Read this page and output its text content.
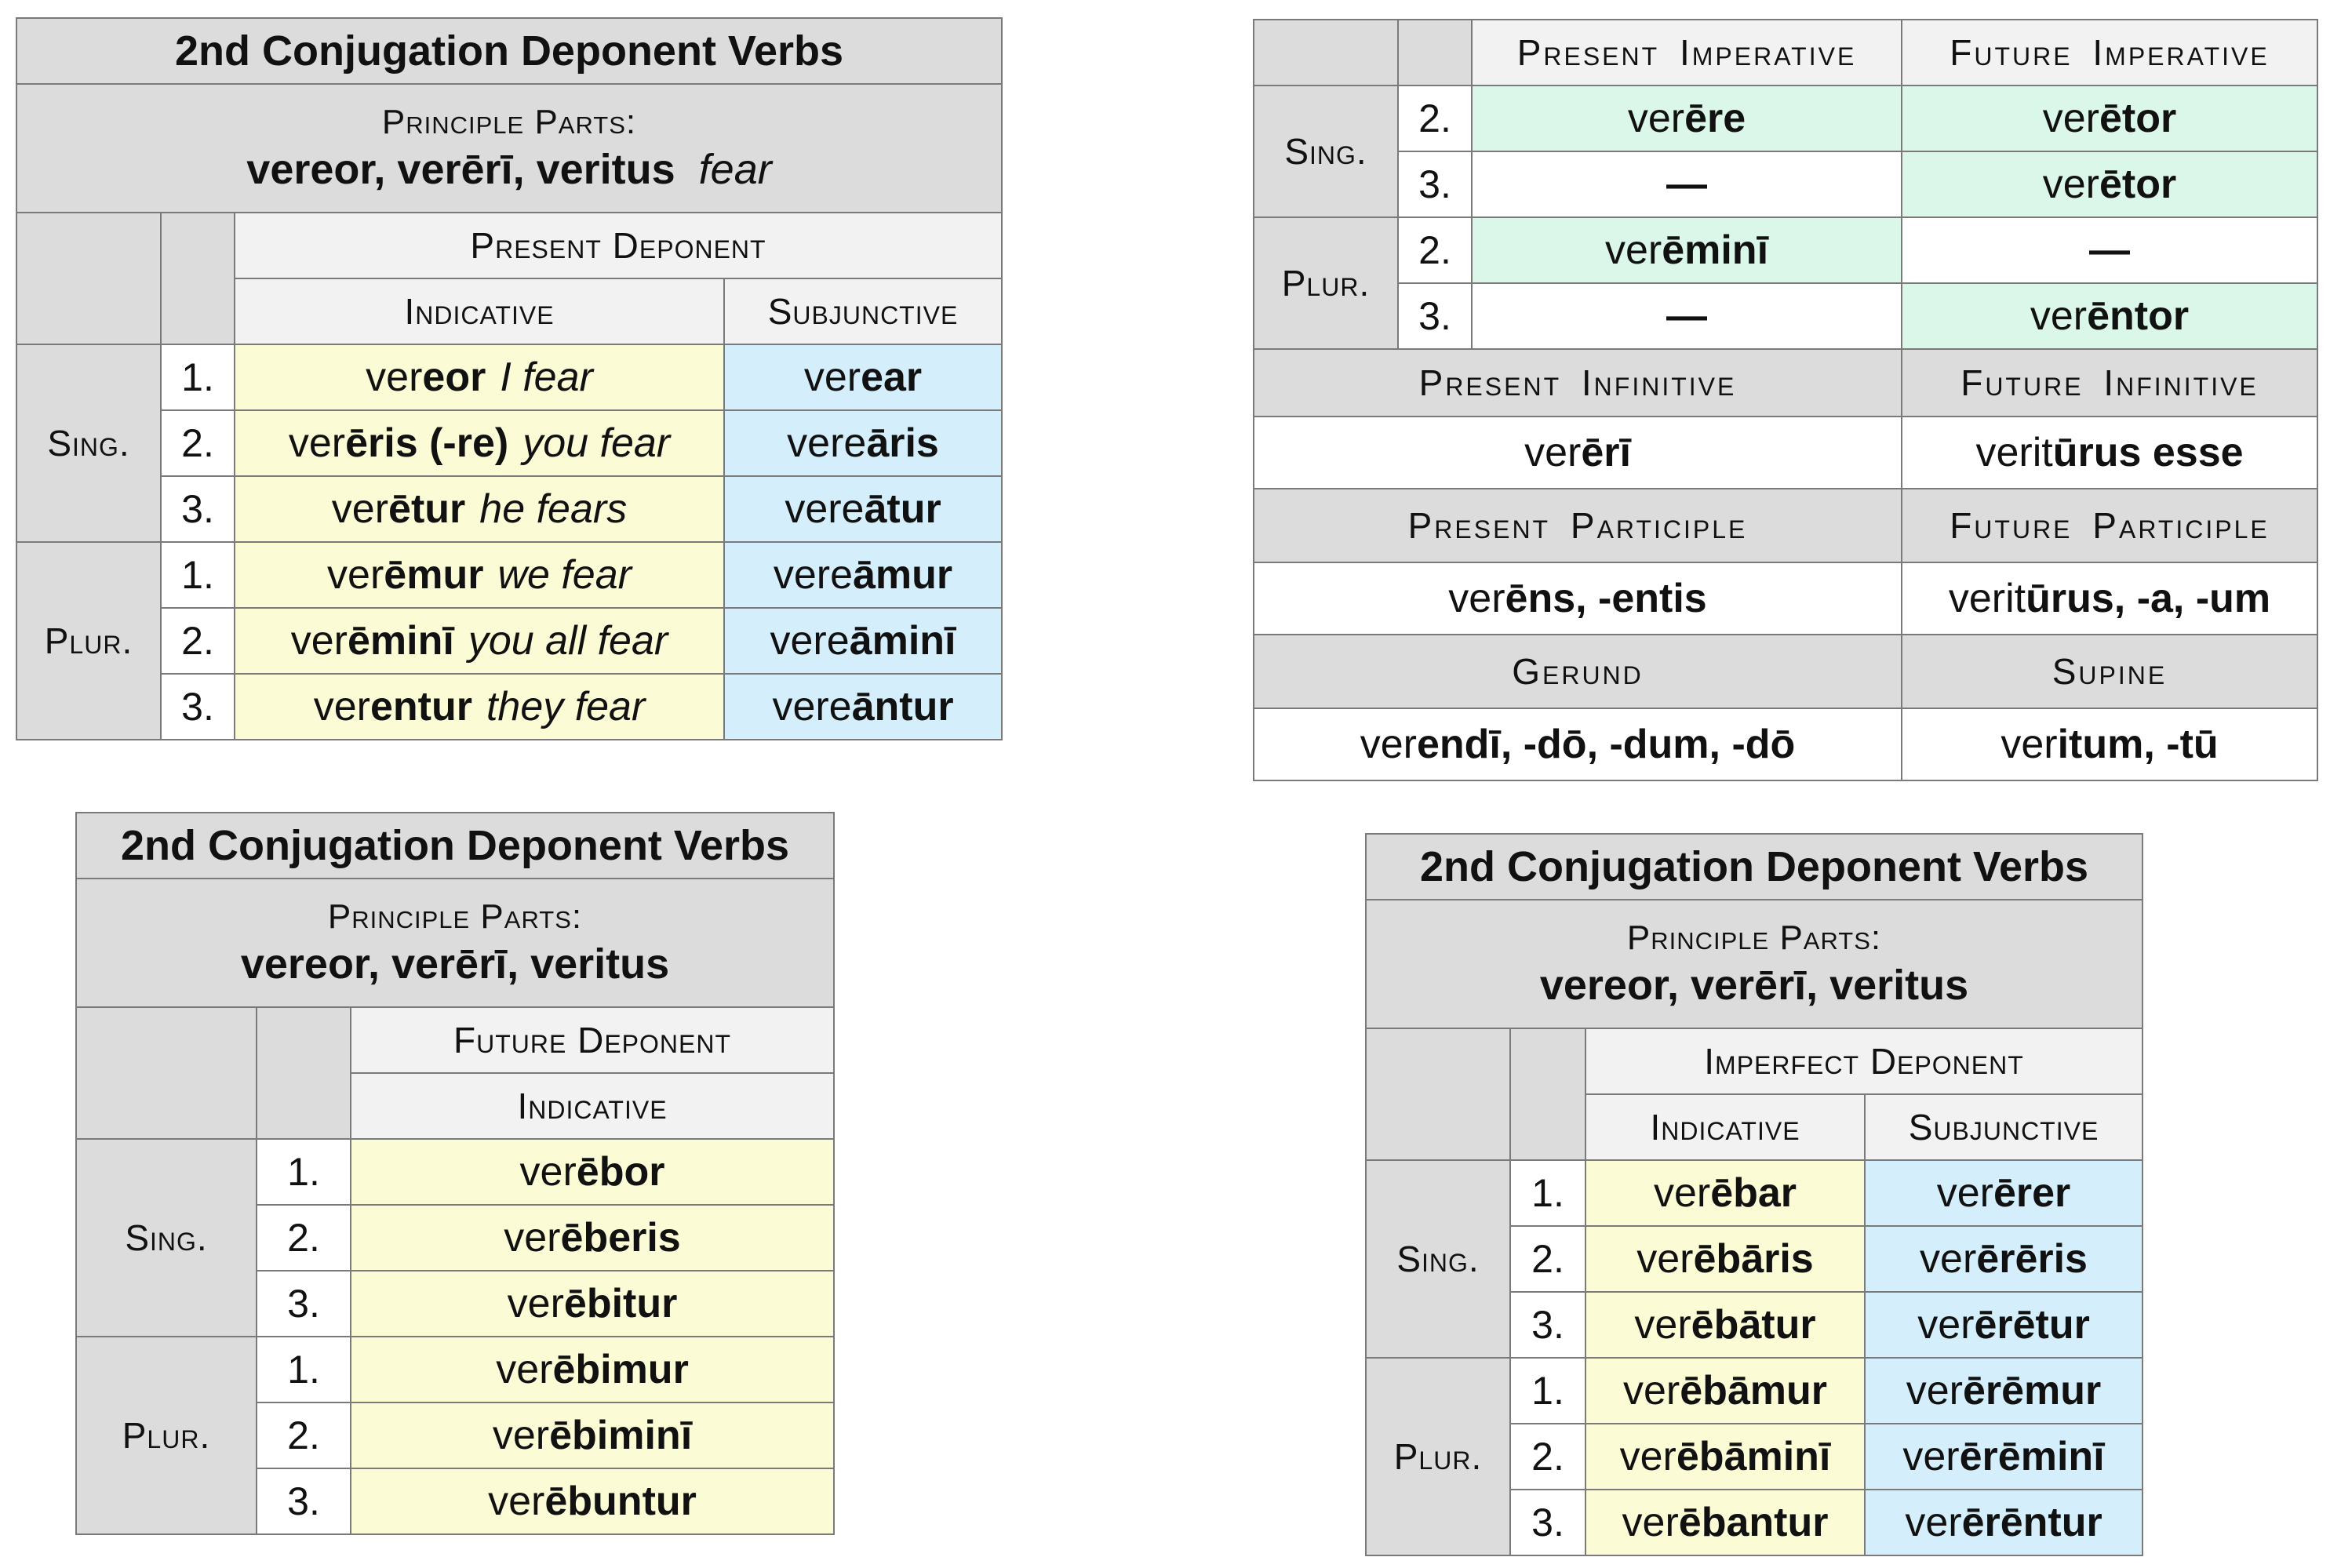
2nd Conjugation Deponent Verbs			

Principle Parts:
vereor, verērī, veritus fear			

		Present Deponent	
		Indicative	Subjunctive
Sing.	1.	vereor I fear	verear
	2.	verēris (-re) you fear	vereāris
	3.	verētur he fears	vereātur
Plur.	1.	verēmur we fear	vereāmur
	2.	verēminī you all fear	vereāminī
	3.	verentur they fear	vereāntur
		Present Imperative	Future Imperative
Sing.	2.	verēre	verētor
	3.	—	verētor
Plur.	2.	verēminī	—
	3.	—	verēntor
Present Infinitive			Future Infinitive
verērī			veritūrus esse
Present Participle			Future Participle
verēns, -entis			veritūrus, -a, -um
Gerund			Supine
verendī, -dō, -dum, -dō			veritum, -tū
2nd Conjugation Deponent Verbs		

Principle Parts:
vereor, verērī, veritus		

		Future Deponent
		Indicative
Sing.	1.	verēbor
	2.	verēberis
	3.	verēbitur
Plur.	1.	verēbimur
	2.	verēbiminī
	3.	verēbuntur
2nd Conjugation Deponent Verbs			

Principle Parts:
vereor, verērī, veritus			

		Imperfect Deponent	
		Indicative	Subjunctive
Sing.	1.	verēbar	verērer
	2.	verēbāris	verērēris
	3.	verēbātur	verērētur
Plur.	1.	verēbāmur	verērēmur
	2.	verēbāminī	verērēminī
	3.	verēbantur	verērēntur
